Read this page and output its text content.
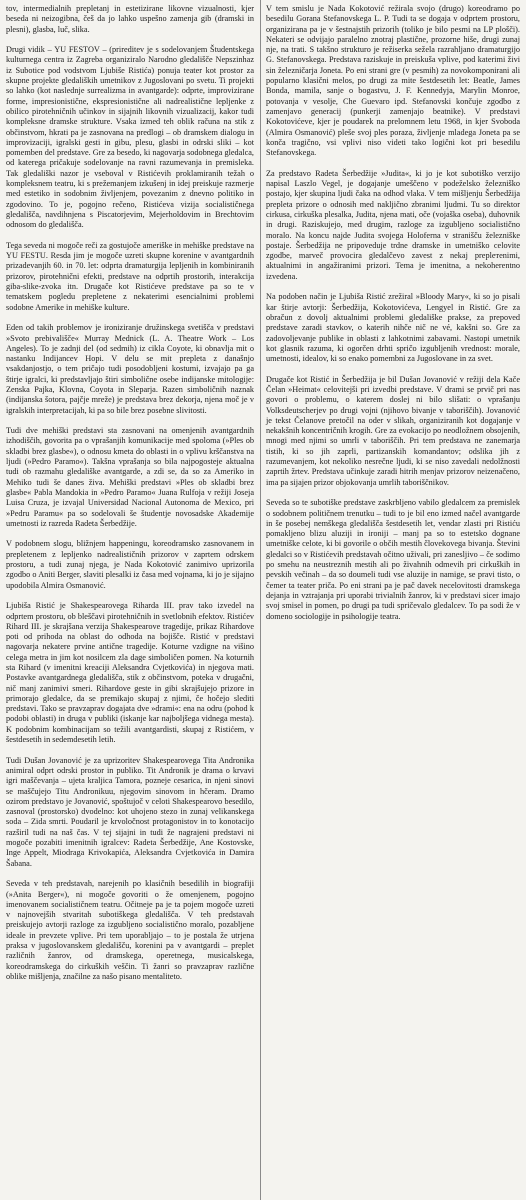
tov, intermedialnih prepletanj in estetiziranе likovne vizualnosti, kjer beseda ni neizogibna, češ da jo lahko uspešno zamenja gib (dramski in plesni), glasba, luč, slika.

Drugi vidik – YU FESTOV – (prireditev je s sodelovanjem Študentskega kulturnega centra iz Zagreba organiziralo Narodno gledališče Nepszinhaz iz Subotice pod vodstvom Ljubiše Ristića) ponuja teater kot prostor za skupne projekte gledaliških umetnikov z Jugoslovani po svetu. Ti projekti so lahko (kot naslednje surrealizma in avantgarde): odprte, improvizirane forme, impresionistične, ekspresionistične ali nadrealistične lepljenke z obilico pirotehničnih učinkov in sijajnih likovnih vizualizacij, kakor tudi kompleksne dramske strukture. Vsaka izmed teh oblik računa na stik z občinstvom, hkrati pa je zasnovana na predlogi – ob dramskem dialogu in improvizaciji, igralski gesti in gibu, plesu, glasbi in odrski sliki – kot pomemben del predstave. Gre za besedo, ki nagovarja sodobnega gledalca, od katerega pričakuje sodelovanje na ravni razumevanja in premisleka. Tak gledališki nazor je vseboval v Ristićevih proklamiranih težah o kompleksnem teatru, ki s prežemanjem izkušenj in idej preiskuje razmerje med estetiko in sodobnim življenjem, povezanim z dnevno politiko in zgodovino. To je, pogojno rečeno, Ristićeva vizija socialističnega gledališča, navdihnjena s Piscatorjevim, Mejerholdovim in Brechtovim odnosom do gledališča.

Tega seveda ni mogoče reči za gostujoče ameriške in mehiške predstave na YU FESTU. Resda jim je mogoče uzreti skupne korenine v avantgardnih prizadevanjih 60. in 70. let: odprta dramaturgija lepljenih in kombiniranih prizorov, pirotehnični efekti, predstave na odprtih prostorih, interakcija giba-slike-zvoka itn. Drugače kot Ristićeve predstave pa so te v tematskem pogledu prepletene z nekaterimi esencialnimi problemi sodobne Amerike in mehiške kulture.

Eden od takih problemov je ironiziranje družinskega svetišča v predstavi »Svoto prebivališče« Murray Mednick (L. A. Theatre Work – Los Angeles). To je zadnji del (od sedmih) iz cikla Coyote, ki obnavlja mit o nastanku Indijancev Hopi. V delu se mit prepleta z današnjo vsakdanjostjo, o tem pričajo tudi posodobljeni kostumi, izvajajo pa ga štirje igralci, ki predstavljajo štiri simbolične osebe indijanske mitologije: Zenska Pajka, Klovna, Coyota in Sleparja. Razen simboličnih naznak (indijanska šotora, pajčje mreže) je predstava brez dekorja, njena moč je v igralskih interpretacijah, ki pa so bile brez posebne slivitosti.

Tudi dve mehiški predstavi sta zasnovani na omenjenih avantgardnih izhodiščih, govorita pa o vprašanjih komunikacije med spoloma (»Ples ob skladbi brez glasbe«), o odnosu kmeta do oblasti in o vplivu krščanstva na ljudi (»Pedro Paramo«). Takšna vprašanja so bila najpogosteje aktualna tudi ob razmahu gledališke avantgarde, a zdi se, da so za Ameriko in Mehiko tudi še danes živa. Mehiški predstavi »Ples ob skladbi brez glasbe« Pabla Mandokia in »Pedro Paramo« Juana Rulfoja v režiji Joseja Luisa Cruza, je izvajal Universidad Nacional Autonoma de Mexico, pri »Pedru Paramu« pa so sodelovali še študentje novosadske Akademije umetnosti iz razreda Radeta Šerbedžije.

V podobnem slogu, bližnjem happeningu, koreodramsko zasnovanem in prepletenem z lepljenko nadrealističnih prizorov v zaprtem odrskem prostoru, a tudi zunaj njega, je Nada Kokotović zanimivo uprizorila zgodbo o Aniti Berger, slaviti plesalki iz časa med vojnama, ki jo je sijajno upodobila Almira Osmanović.

Ljubiša Ristić je Shakespearovega Riharda III. prav tako izvedel na odprtem prostoru, ob bleščavi pirotehničnih in svetlobnih efektov. Ristićev Rihard III. je skrajšana verzija Shakespearove tragedije, prikaz Rihardove poti od prihoda na oblast do odhoda na bojišče. Ristić v predstavi nagovarja nekatere prvine antične tragedije. Koturne vzdigne na višino celega metra in jim kot nosilcem zla dage simboličen pomen. Na koturnih sta Rihard (v imenitni kreaciji Aleksandra Cvjetkovića) in njegova mati. Postavke avantgardnega gledališča, stik z občinstvom, poteka v drugačni, nič manj zanimivi smeri. Rihardove geste in gibi skrajšujejo prizore in primorajo gledalce, da se premikajo skupaj z njimi, če hočejo slediti predstavi. Tako se pravzaprav dogajata dve »drami«: ena na odru (pohod k podobi oblasti) in druga v publiki (iskanje kar najboljšega vidnega mesta). K podobnim kombinacijam so težili avantgardisti, skupaj z Ristićem, v šestdesetih in sedemdesetih letih.

Tudi Dušan Jovanović je za uprizoritev Shakespearovega Tita Andronika animiral odprt odrski prostor in publiko. Tit Andronik je drama o krvavi igri maščevanja – ujeta kraljica Tamora, poznejе cesarica, in njeni sinovi se maščujejo Titu Andronikuu, njegovim sinovom in hčeram. Dramo ozirom predstavo je Jovanović, spoštujoč v celoti Shakespearovo besedilo, zasnoval (prostorsko) dvodelno: kot uhojeno stezo in zunaj velikanskega soda – Zida smrti. Poudaril je krvoločnost protagonistov in to konotacijo razširil tudi na naš čas. V tej sijajni in tudi že nagrajeni predstavi ni mogoče pozabiti imenitnih igralcev: Radeta Šerbedžije, Ane Kostovske, Inge Appelt, Miodraga Krivokapića, Aleksandra Cvjetkovića in Damira Šabana.

Seveda v teh predstavah, narejenih po klasičnih besedilih in biografiji (»Anita Berger«), ni mogoče govoriti o že omenjenem, pogojno imenovanem socialističnem teatru. Očitneje pa je ta pojem mogoče uzreti v najnovejših stvaritah subotiškega gledališča. V teh predstavah preiskujejo avtorji razloge za izgubljeno socialistično moralo, pozabljene ideale in prevzete vplive. Pri tem uporabljajo – to je postala že utrjena praksa v jugoslovanskem gledališču, koreninі pa v avantgardi – preplet različnih žanrov, od dramskega, operetnega, musicalskega, koreodramskega do cirkuških veščin. Ti žanri so pravzaprav različne oblike mišljenja, značilne za našo pisano mentaliteto.

V tem smislu je Nada Kokotović režirala svojo (drugo) koreodramo po besedilu Gorana Stefanovskega L. P. Tudi ta se dogaja v odprtem prostoru, organizirana pa je v šestnajstih prizorih (toliko je bilo pesmi na LP plošči). Nekateri se odvijajo paralelno znotraj plastične, prozorne hiše, drugi zunaj nje, na trati. S takšno strukturo je režiserka sežela razrahljano dramaturgijo G. Stefanovskega. Predstava raziskuje in preiskuša vplive, pod katerimi živi sin železničarja Joneta. Po eni strani gre (v pesmih) za novokomponirani ali popularno klasični melos, po drugi za mite šestdesetih let: Beatle, James Bonda, mamila, sanje o bogastvu, J. F. Kennedyja, Marylin Monroe, potovanja v vesolje, Che Guevaro ipd. Stefanovski končuje zgodbo z zamenjavo generacij (punkerji zamenjajo beatnike). V predstavi Kokotovićeve, kjer je poudarek na prelomnem letu 1968, in kjer Svoboda (Almira Osmanović) pleše svoj ples poraza, življenje mladega Joneta pa se konča tragično, vsi vplivi niso videti tako logični kot pri besedilu Stefanovskega.

Za predstavo Radeta Šerbedžije »Judita«, ki jo je kot subotiško verzijo napisal Laszlo Vegel, je dogajanje umeščeno v podeželsko železniško postajo, kjer skupina ljudi čaka na odhod vlaka. V tem mišljenju Šerbedžija prepleta prizore o odnosih med nakljično zbranimi ljudmi. Tu so direktor cirkusa, cirkuška plesalka, Judita, njena mati, oče (vojaška oseba), duhovnik in drugi. Raziskujejo, med drugim, razloge za izgubljeno socialistično moralo. Na koncu najde Judita svojega Holoferna v stranišču železniške postaje. Šerbedžija ne pripoveduje trdne dramske in umetniško celovite zgodbe, marveč provocira gledalčevo zavest z nekaj preplетеnimi, aktualnimi in angažiranimi prizori. Tema je imenitna, a nekoherentno izvedena.

Na podoben način je Ljubiša Ristić zrežiral »Bloody Mary«, ki so jo pisali kar štirje avtorji: Šerbedžija, Kokotovićeva, Lengyel in Ristić. Gre za obračun z dovolj aktualnimi problemi gledališke prakse, za prepoved predstave zaradi stavkov, o katerih nihče nič ne vé, kakšni so. Gre za zadovoljevanje publike in oblasti z lahkotnimi zabavami. Nastopi umetnik kot glasnik razuma, ki ogorčen drhti spričo izgubljenih vrednost: morale, umetnosti, idealov, ki so enako pomembni za Jugoslovane in za svet.

Drugače kot Ristić in Šerbedžija je bil Dušan Jovanović v režiji dela Kače Čelan »Heimat« celovitejši pri izvedbi predstave. V drami se prvič pri nas govori o problemu, o katerem doslej ni bilo slišati: o vprašanju Volksdeutscherjev po drugi vojni (njihovo bivanje v taboriščih). Jovanović je tekst Čelanove pretočil na oder v slikah, organiziranih kot dogajanje v nekakšnih koncentričnih krogih. Gre za evokacijo po neodložnem obsojenih, mnogi med njimi so umrli v taboriščih. Pri tem predstava ne zanemarja tistih, ki so jih zaprli, partizanskih komandantov; odslika jih z razumevanjem, kot nekoliko nesrečne ljudi, ki se niso zavedali nedolžnosti zaprtih žrtev. Predstava učinkuje zaradi hitrih menjav prizorov neizenačeno, ima pa sijajen prizor objokovanja umrlih taboriščnikov.

Seveda so te subotiške predstave zaskrbljeno vabilo gledalcem za premislek o sodobnem političnem trenutku – tudi to je bil eno izmed načel avantgarde in še posebej nemškega gledališča šestdesetih let, vendar zlasti pri Ristiću pomakljeno blizu aluziji in ironiji – manj pa so to estetsko dognane umetniške celote, ki bi govorile o občih mestih človekovega bivanja. Števini gledalci so v Ristićevih predstavah očitno uživali, pri zanesljivo – če sodimo po smehu na neustreznih mestih ali po živahnih odmevih pri cirkuških in pevskih večinah – da so doumeli tudi vse aluzije in namige, se pravi tisto, o čemer ta teater priča. Po eni strani pa je pač davek necelovitosti dramskega dejanja in vztrajanja pri uporabi trivialnih žanrov, ki v predstavi sicer imajo svoj smisel in pomen, po drugi pa tudi spričevalo gledalcev. To pa sodi že v domeno sociologije in psihologije teatra.
